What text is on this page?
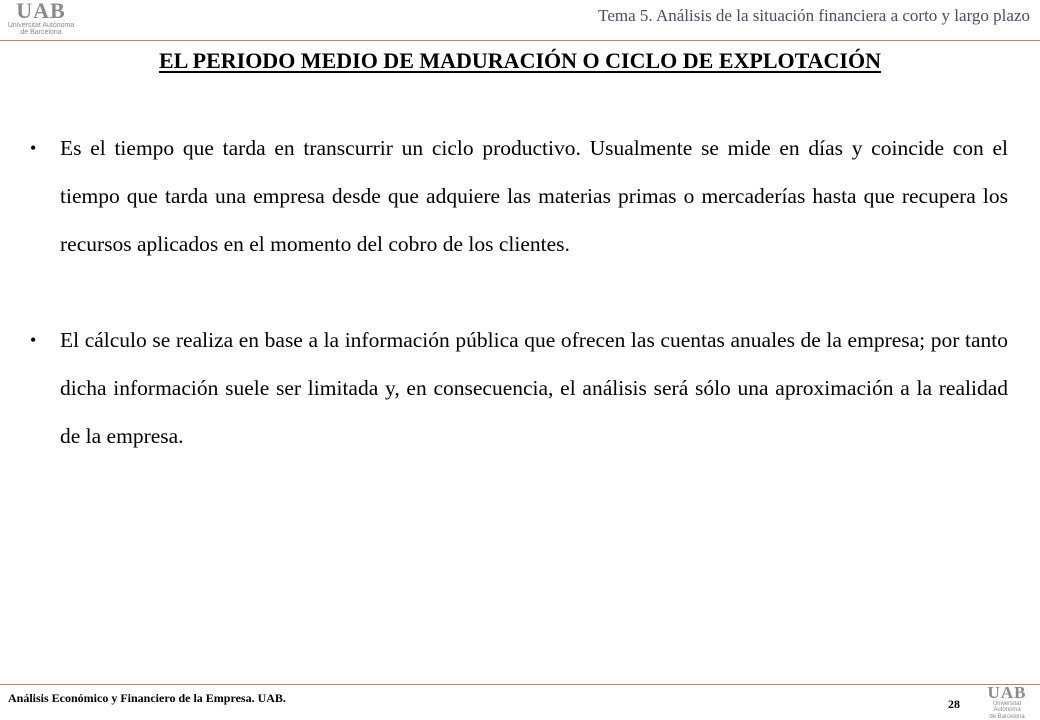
UAB
Universitat Autònoma
de Barcelona
Tema 5. Análisis de la situación financiera a corto y largo plazo
EL PERIODO MEDIO DE MADURACIÓN O CICLO DE EXPLOTACIÓN
• Es el tiempo que tarda en transcurrir un ciclo productivo. Usualmente se mide en días y coincide con el tiempo que tarda una empresa desde que adquiere las materias primas o mercaderías hasta que recupera los recursos aplicados en el momento del cobro de los clientes.
• El cálculo se realiza en base a la información pública que ofrecen las cuentas anuales de la empresa; por tanto dicha información suele ser limitada y, en consecuencia, el análisis será sólo una aproximación a la realidad de la empresa.
Análisis Económico y Financiero de la Empresa. UAB.	28
UAB
Universitat Autònoma
de Barcelona
